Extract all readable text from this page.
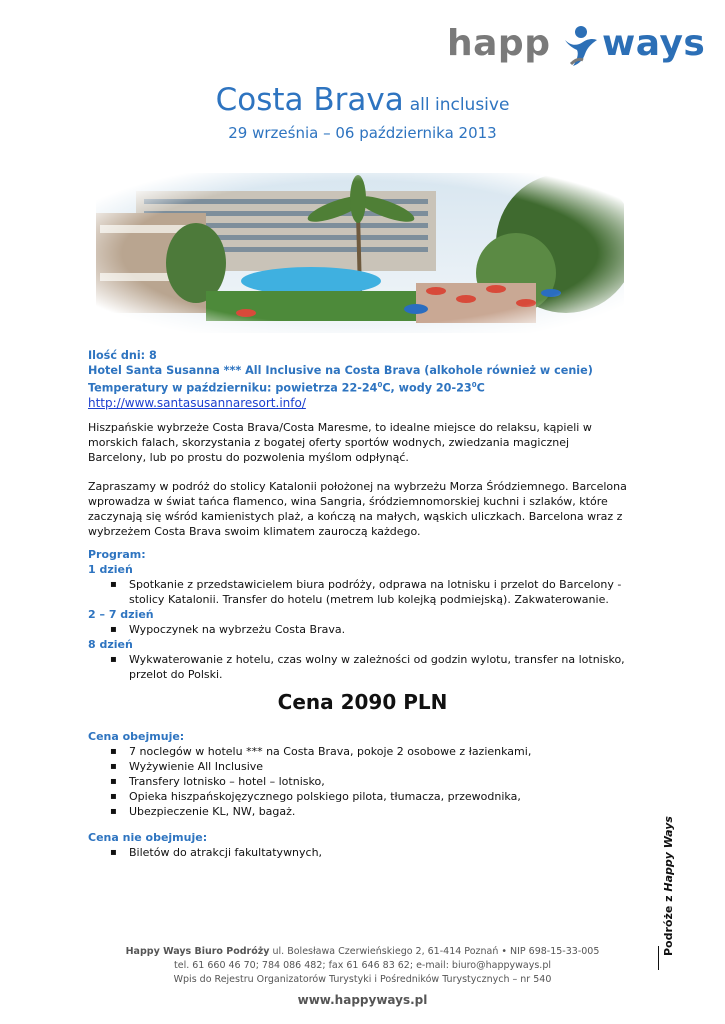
happ ways
Costa Brava all inclusive
29 września – 06 października 2013
Ilość dni: 8
Hotel Santa Susanna *** All Inclusive na Costa Brava (alkohole również w cenie)
Temperatury w październiku: powietrza $22-24^0C$, wody $20-23^0C$
http://www.santasusannaresort.info/
Hiszpańskie wybrzeże Costa Brava/Costa Maresme, to idealne miejsce do relaksu, kąpieli w morskich falach, skorzystania z bogatej oferty sportów wodnych, zwiedzania magicznej Barcelony, lub po prostu do pozwolenia myślom odpłynąć.
Zapraszamy w podróż do stolicy Katalonii położonej na wybrzeżu Morza Śródziemnego. Barcelona wprowadza w świat tańca flamenco, wina Sangria, śródziemnomorskiej kuchni i szlaków, które zaczynają się wśród kamienistych plaż, a kończą na małych, wąskich uliczkach. Barcelona wraz z wybrzeżem Costa Brava swoim klimatem zauroczą każdego.
Program:
1 dzień
▪ Spotkanie z przedstawicielem biura podróży, odprawa na lotnisku i przelot do Barcelony - stolicy Katalonii. Transfer do hotelu (metrem lub kolejką podmiejską). Zakwaterowanie.
2 – 7 dzień
▪ Wypoczynek na wybrzeżu Costa Brava.
8 dzień
▪ Wykwaterowanie z hotelu, czas wolny w zależności od godzin wylotu, transfer na lotnisko, przelot do Polski.
Cena 2090 PLN
Cena obejmuje:
▪ 7 noclegów w hotelu *** na Costa Brava, pokoje 2 osobowe z łazienkami,
▪ Wyżywienie All Inclusive
▪ Transfery lotnisko – hotel – lotnisko,
▪ Opieka hiszpańskojęzycznego polskiego pilota, tłumacza, przewodnika,
▪ Ubezpieczenie KL, NW, bagaż.
Cena nie obejmuje:
▪ Biletów do atrakcji fakultatywnych,
Podróże z Happy Ways
Happy Ways Biuro Podróży ul. Bolesława Czerwieńskiego 2, 61-414 Poznań • NIP 698-15-33-005
tel. 61 660 46 70; 784 086 482; fax 61 646 83 62; e-mail: biuro@happyways.pl
Wpis do Rejestru Organizatorów Turystyki i Pośredników Turystycznych – nr 540
www.happyways.pl
